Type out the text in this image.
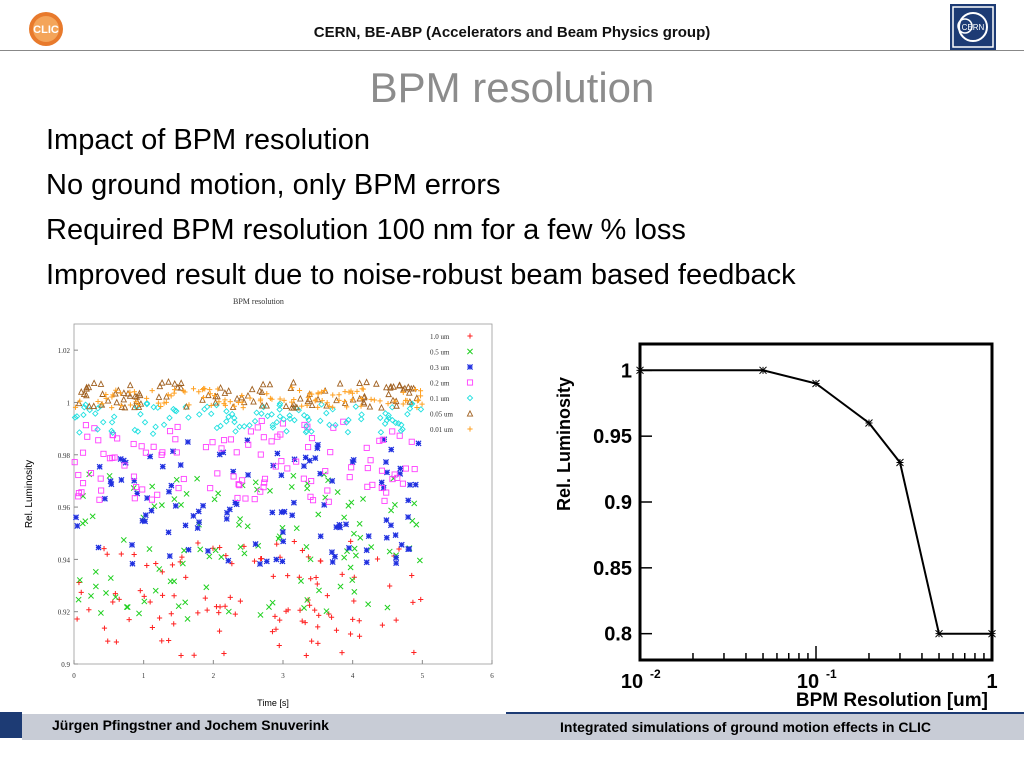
CLIC	CERN, BE-ABP (Accelerators and Beam Physics group)	CERN
BPM resolution
Impact of BPM resolution
No ground motion, only BPM errors
Required BPM resolution 100 nm for a few % loss
Improved result due to noise-robust beam based feedback
BPM resolution
0.9
0.92
0.94
0.96
0.98
1
1.02
0	1	2	3	4	5	6
Time [s]
Rel. Luminosity
1.0 um
0.5 um
0.3 um
0.2 um
0.1 um
0.05 um
0.01 um
1
0.95
0.9
0.85
0.8
10 -2	10 -1	1
BPM Resolution [um]
Rel. Luminosity
Jürgen Pfingstner and Jochem Snuverink	Integrated simulations of ground motion effects in CLIC
